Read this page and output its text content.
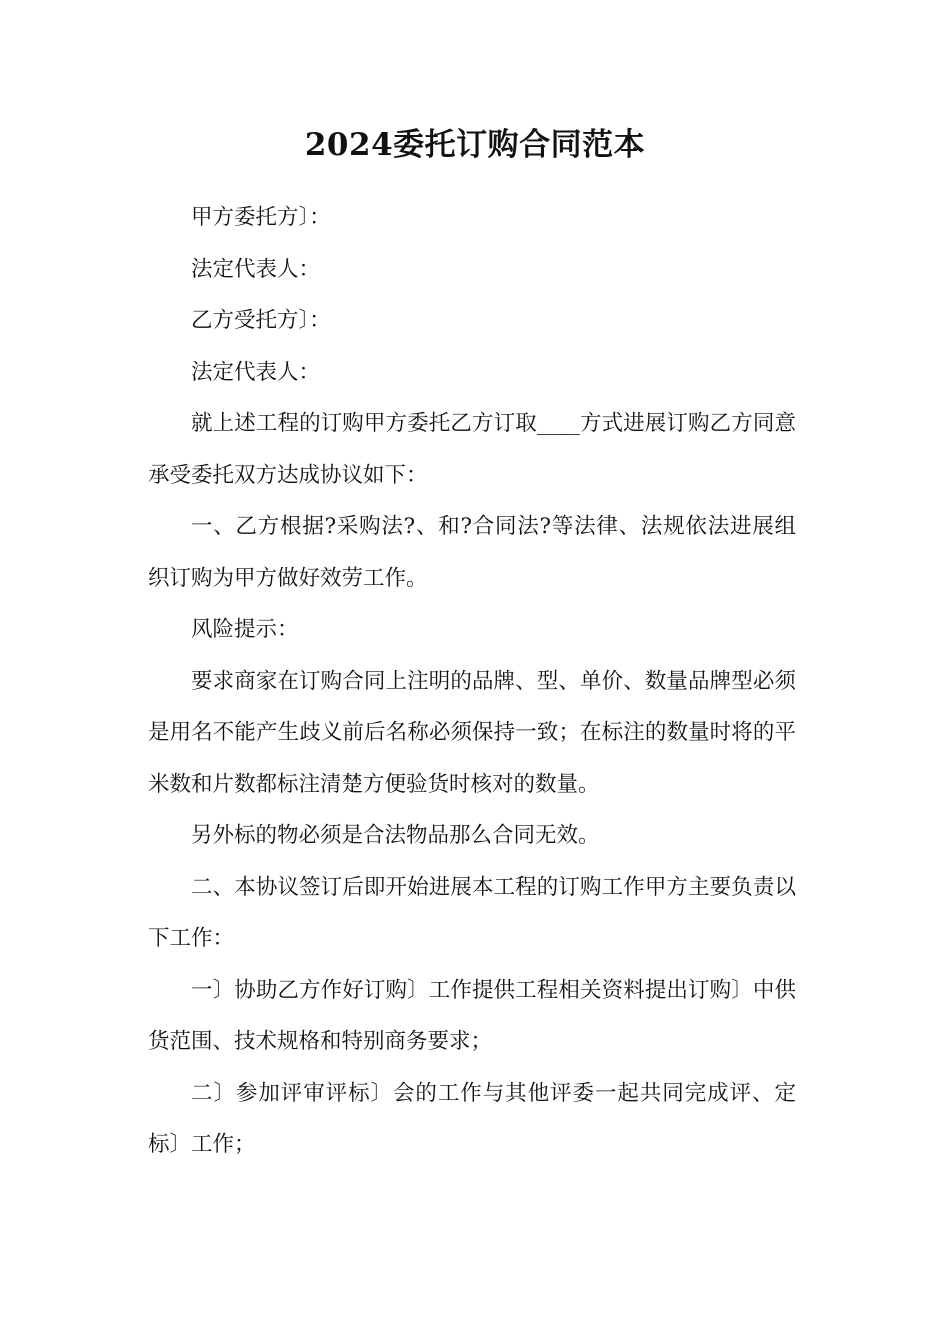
2024委托订购合同范本

甲方委托方〕：

法定代表人：

乙方受托方〕：

法定代表人：

就上述工程的订购甲方委托乙方订取____方式进展订购乙方同意承受委托双方达成协议如下：

一、乙方根据?采购法?、和?合同法?等法律、法规依法进展组织订购为甲方做好效劳工作。

风险提示：

要求商家在订购合同上注明的品牌、型、单价、数量品牌型必须是用名不能产生歧义前后名称必须保持一致；在标注的数量时将的平米数和片数都标注清楚方便验货时核对的数量。

另外标的物必须是合法物品那么合同无效。

二、本协议签订后即开始进展本工程的订购工作甲方主要负责以下工作：

一〕协助乙方作好订购〕工作提供工程相关资料提出订购〕中供货范围、技术规格和特别商务要求；

二〕参加评审评标〕会的工作与其他评委一起共同完成评、定标〕工作；
